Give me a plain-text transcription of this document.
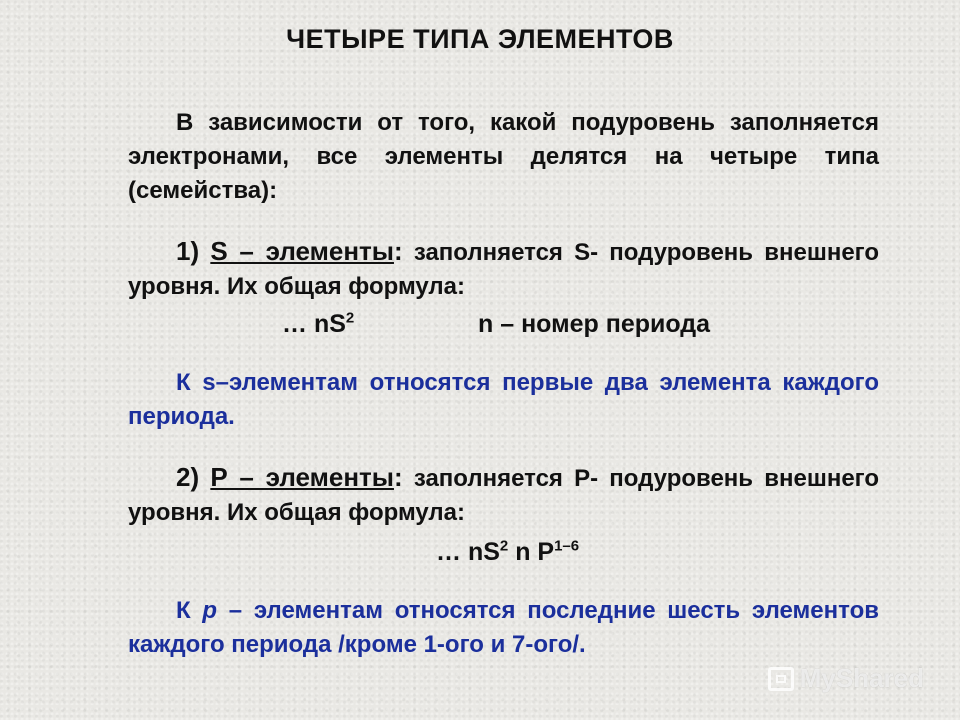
ЧЕТЫРЕ ТИПА ЭЛЕМЕНТОВ
В зависимости от того, какой подуровень заполняется электронами, все элементы делятся на четыре типа (семейства):
1) S – элементы: заполняется S- подуровень внешнего уровня. Их общая формула:
… $nS^2$	n – номер периода
К s–элементам относятся первые два элемента каждого периода.
2) Р – элементы: заполняется Р- подуровень внешнего уровня. Их общая формула:
… $nS^2$ n $Р^{1-6}$
К р – элементам относятся последние шесть элементов каждого периода /кроме 1-ого и 7-ого/.
MyShared
